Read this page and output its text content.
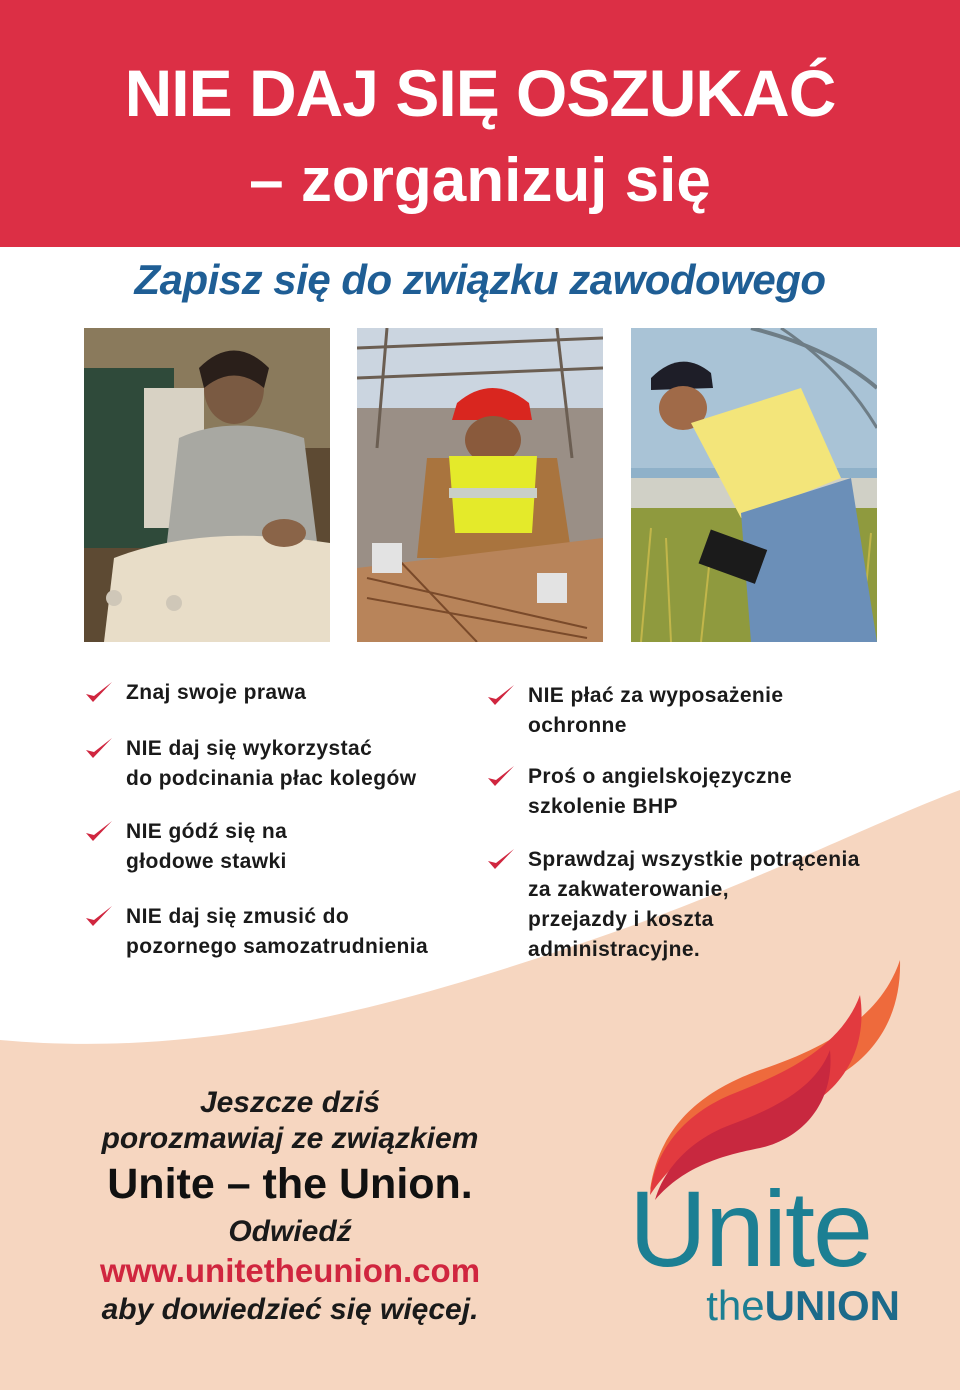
NIE DAJ SIĘ OSZUKAĆ
– zorganizuj się
Zapisz się do związku zawodowego
Znaj swoje prawa
NIE daj się wykorzystać
do podcinania płac kolegów
NIE gódź się na
głodowe stawki
NIE daj się zmusić do
pozornego samozatrudnienia
NIE płać za wyposażenie
ochronne
Proś o angielskojęzyczne
szkolenie BHP
Sprawdzaj wszystkie potrącenia
za zakwaterowanie,
przejazdy i koszta
administracyjne.
Jeszcze dziś
porozmawiaj ze związkiem
Unite – the Union.
Odwiedź
www.unitetheunion.com
aby dowiedzieć się więcej.
Unite
theUNION
